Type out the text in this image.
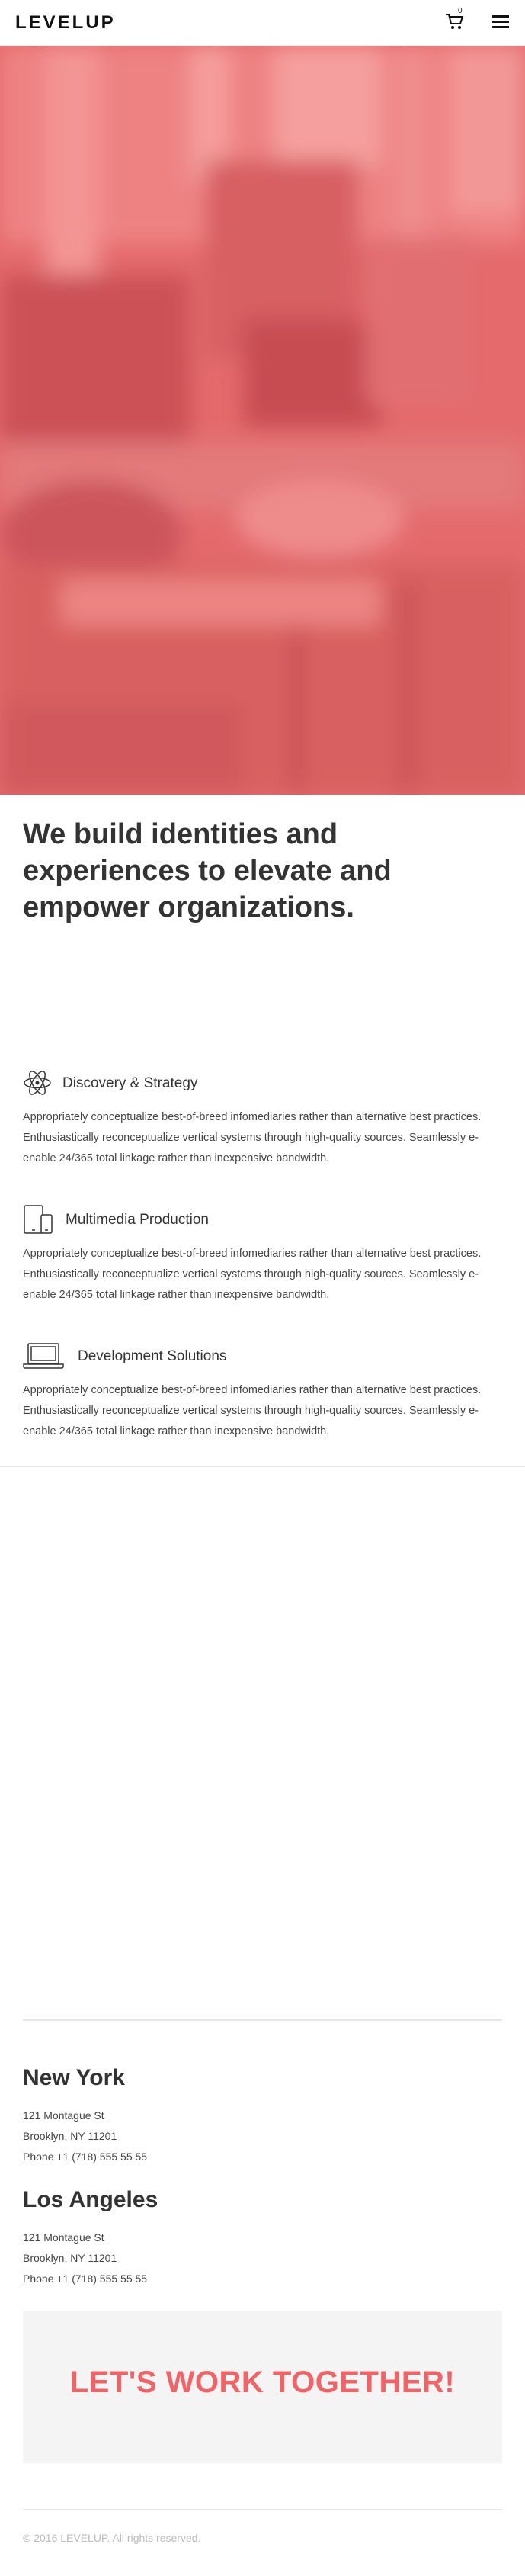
LEVELUP
0
We build identities and experiences to elevate and empower organizations.
Discovery & Strategy

Appropriately conceptualize best-of-breed infomediaries rather than alternative best practices. Enthusiastically reconceptualize vertical systems through high-quality sources. Seamlessly e-enable 24/365 total linkage rather than inexpensive bandwidth.

Multimedia Production

Appropriately conceptualize best-of-breed infomediaries rather than alternative best practices. Enthusiastically reconceptualize vertical systems through high-quality sources. Seamlessly e-enable 24/365 total linkage rather than inexpensive bandwidth.

Development Solutions

Appropriately conceptualize best-of-breed infomediaries rather than alternative best practices. Enthusiastically reconceptualize vertical systems through high-quality sources. Seamlessly e-enable 24/365 total linkage rather than inexpensive bandwidth.

New York
121 Montague St
Brooklyn, NY 11201
Phone +1 (718) 555 55 55
Los Angeles
121 Montague St
Brooklyn, NY 11201
Phone +1 (718) 555 55 55
LET'S WORK TOGETHER!
© 2016 LEVELUP. All rights reserved.
